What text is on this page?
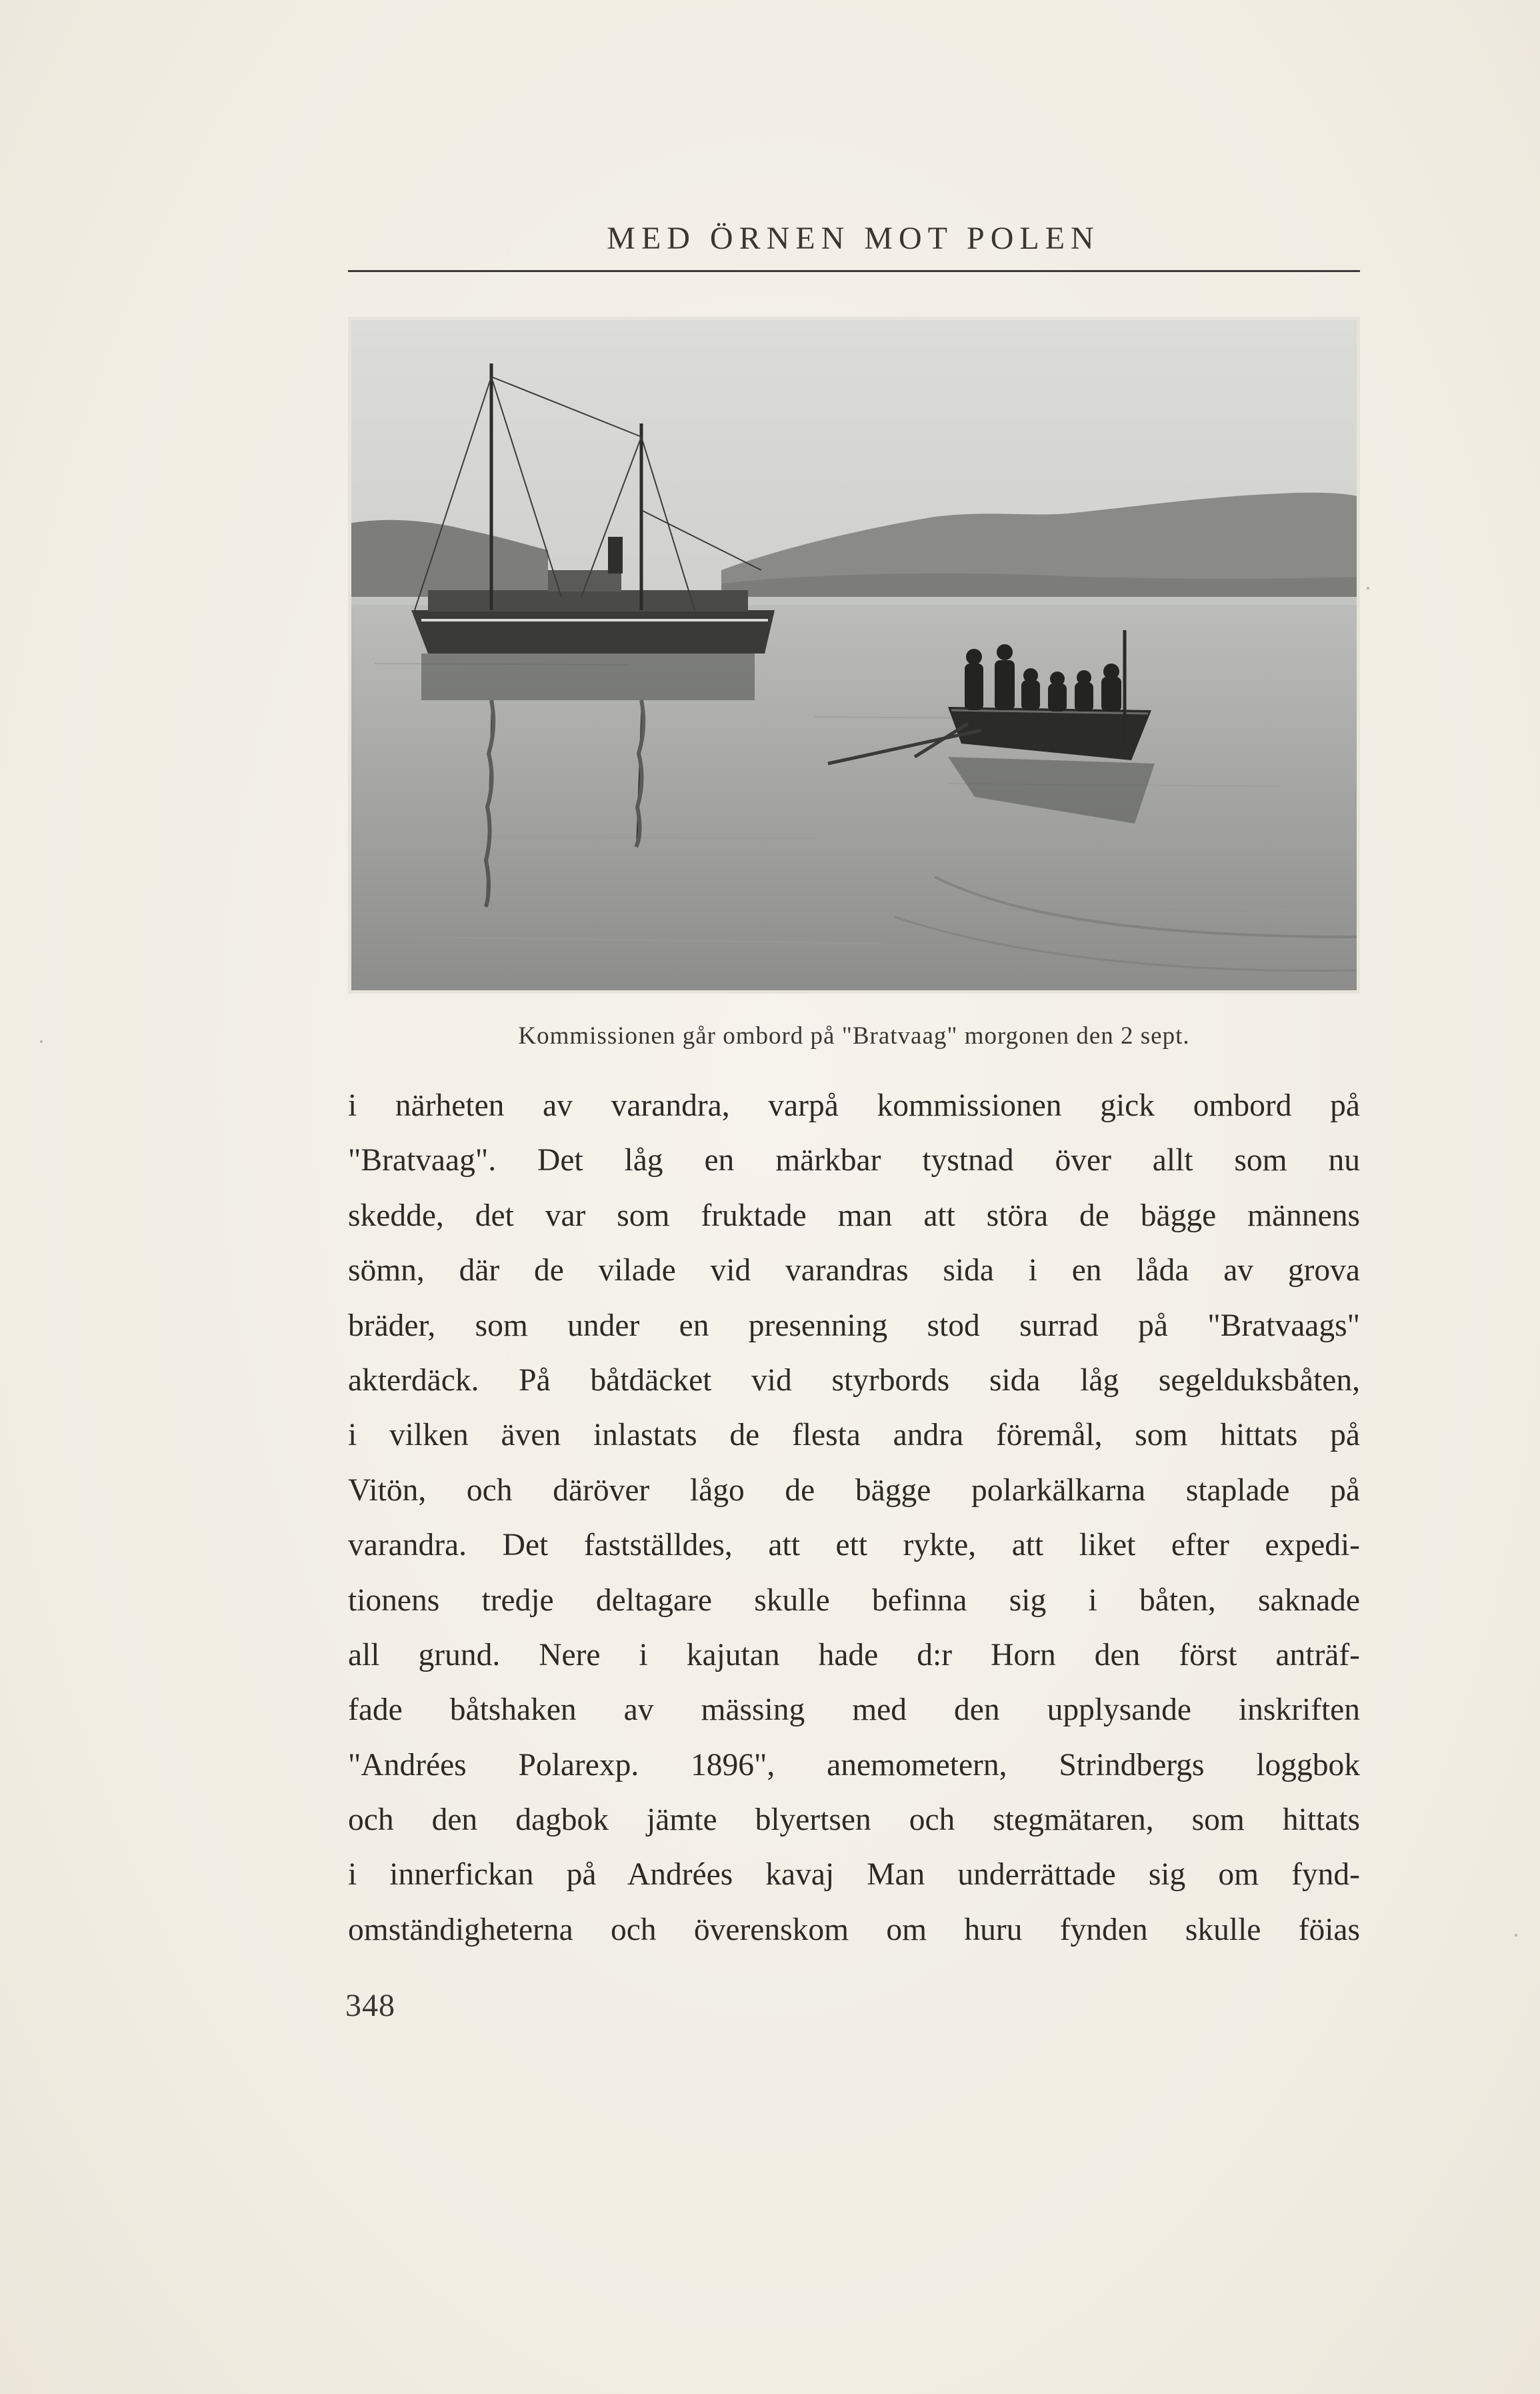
MED ÖRNEN MOT POLEN
Kommissionen går ombord på "Bratvaag" morgonen den 2 sept.
i närheten av varandra, varpå kommissionen gick ombord på
"Bratvaag". Det låg en märkbar tystnad över allt som nu
skedde, det var som fruktade man att störa de bägge männens
sömn, där de vilade vid varandras sida i en låda av grova
bräder, som under en presenning stod surrad på "Bratvaags"
akterdäck. På båtdäcket vid styrbords sida låg segelduksbåten,
i vilken även inlastats de flesta andra föremål, som hittats på
Vitön, och däröver lågo de bägge polarkälkarna staplade på
varandra. Det fastställdes, att ett rykte, att liket efter expedi-
tionens tredje deltagare skulle befinna sig i båten, saknade
all grund. Nere i kajutan hade d:r Horn den först anträf-
fade båtshaken av mässing med den upplysande inskriften
"Andrées Polarexp. 1896", anemometern, Strindbergs loggbok
och den dagbok jämte blyertsen och stegmätaren, som hittats
i innerfickan på Andrées kavaj Man underrättade sig om fynd-
omständigheterna och överenskom om huru fynden skulle föias
348
